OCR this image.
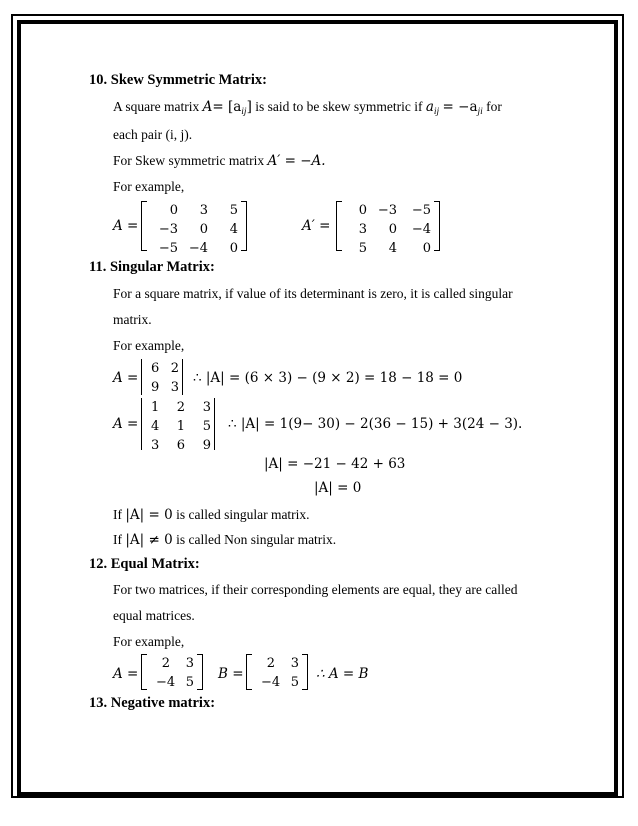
10. Skew Symmetric Matrix:
A square matrix $A= [a_{ij}]$ is said to be skew symmetric if $a_{ij} = -a_{ji}$ for
each pair (i, j).
For Skew symmetric matrix A′ = −A.
For example,
A =
0	3	5
−3	0	4
−5 −4	0
A′ =
0 −3	−5
3	0	−4
5	4	0
11. Singular Matrix:
For a square matrix, if value of its determinant is zero, it is called singular
matrix.
For example,
A =
6 2
9 3
∴ |A| = (6 × 3) − (9 × 2) = 18 − 18 = 0
A =
1	2	3
4	1	5
3	6	9
∴ |A| = 1(9− 30) − 2(36 − 15) + 3(24 − 3).
|A| = −21 − 42 + 63
|A| = 0
If |A| = 0 is called singular matrix.
If |A| ≠ 0 is called Non singular matrix.
12. Equal Matrix:
For two matrices, if their corresponding elements are equal, they are called
equal matrices.
For example,
A =
2	3
−4 5
B =
2	3
−4 5
∴ A = B
13. Negative matrix:
